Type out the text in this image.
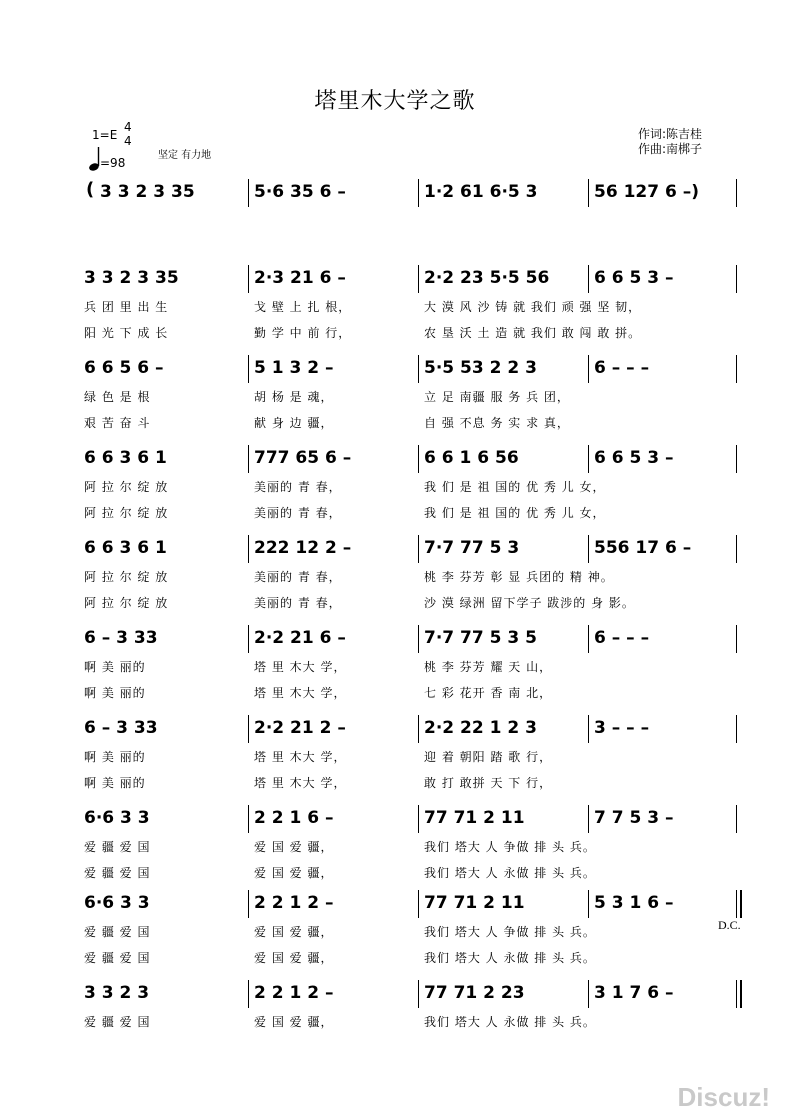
塔里木大学之歌
1=E
4
4
=98
坚定 有力地
作词:陈吉桂
作曲:南梆子
( 3 3 2 3 35	5·6 35 6 –	1·2 61 6·5 3	56 127 6 –)
3 3 2 3 35	2·3 21 6 –	2·2 23 5·5 56	6 6 5 3 –
兵 团 里 出 生	戈 壁 上 扎 根，	大 漠 风 沙 铸 就 我们 顽 强 坚 韧，
阳 光 下 成 长	勤 学 中 前 行，	农 垦 沃 土 造 就 我们 敢 闯 敢 拼。
6 6 5 6 –	5 1 3 2 –	5·5 53 2 2 3	6 – – –
绿 色 是 根	胡 杨 是 魂，	立 足 南疆 服 务 兵 团，
艰 苦 奋 斗	献 身 边 疆，	自 强 不息 务 实 求 真，
6 6 3 6 1	777 65 6 –	6 6 1 6 56	6 6 5 3 –
阿 拉 尔 绽 放	美丽的 青 春，	我 们 是 祖 国的 优 秀 儿 女，
阿 拉 尔 绽 放	美丽的 青 春，	我 们 是 祖 国的 优 秀 儿 女，
6 6 3 6 1	222 12 2 –	7·7 77 5 3	556 17 6 –
阿 拉 尔 绽 放	美丽的 青 春，	桃 李 芬芳 彰 显 兵团的 精 神。
阿 拉 尔 绽 放	美丽的 青 春，	沙 漠 绿洲 留下学子 跋涉的 身 影。
6 – 3 33	2·2 21 6 –	7·7 77 5 3 5	6 – – –
啊 美 丽的	塔 里 木大 学，	桃 李 芬芳 耀 天 山，
啊 美 丽的	塔 里 木大 学，	七 彩 花开 香 南 北，
6 – 3 33	2·2 21 2 –	2·2 22 1 2 3	3 – – –
啊 美 丽的	塔 里 木大 学，	迎 着 朝阳 踏 歌 行，
啊 美 丽的	塔 里 木大 学，	敢 打 敢拼 天 下 行，
6·6 3 3	2 2 1 6 –	77 71 2 11	7 7 5 3 –
爱 疆 爱 国	爱 国 爱 疆，	我们 塔大 人 争做 排 头 兵。
爱 疆 爱 国	爱 国 爱 疆，	我们 塔大 人 永做 排 头 兵。
6·6 3 3	2 2 1 2 –	77 71 2 11	5 3 1 6 –
爱 疆 爱 国	爱 国 爱 疆，	我们 塔大 人 争做 排 头 兵。
爱 疆 爱 国	爱 国 爱 疆，	我们 塔大 人 永做 排 头 兵。
3 3 2 3	2 2 1 2 –	77 71 2 23	3 1 7 6 –
爱 疆 爱 国	爱 国 爱 疆，	我们 塔大 人 永做 排 头 兵。
D.C.
Discuz!
